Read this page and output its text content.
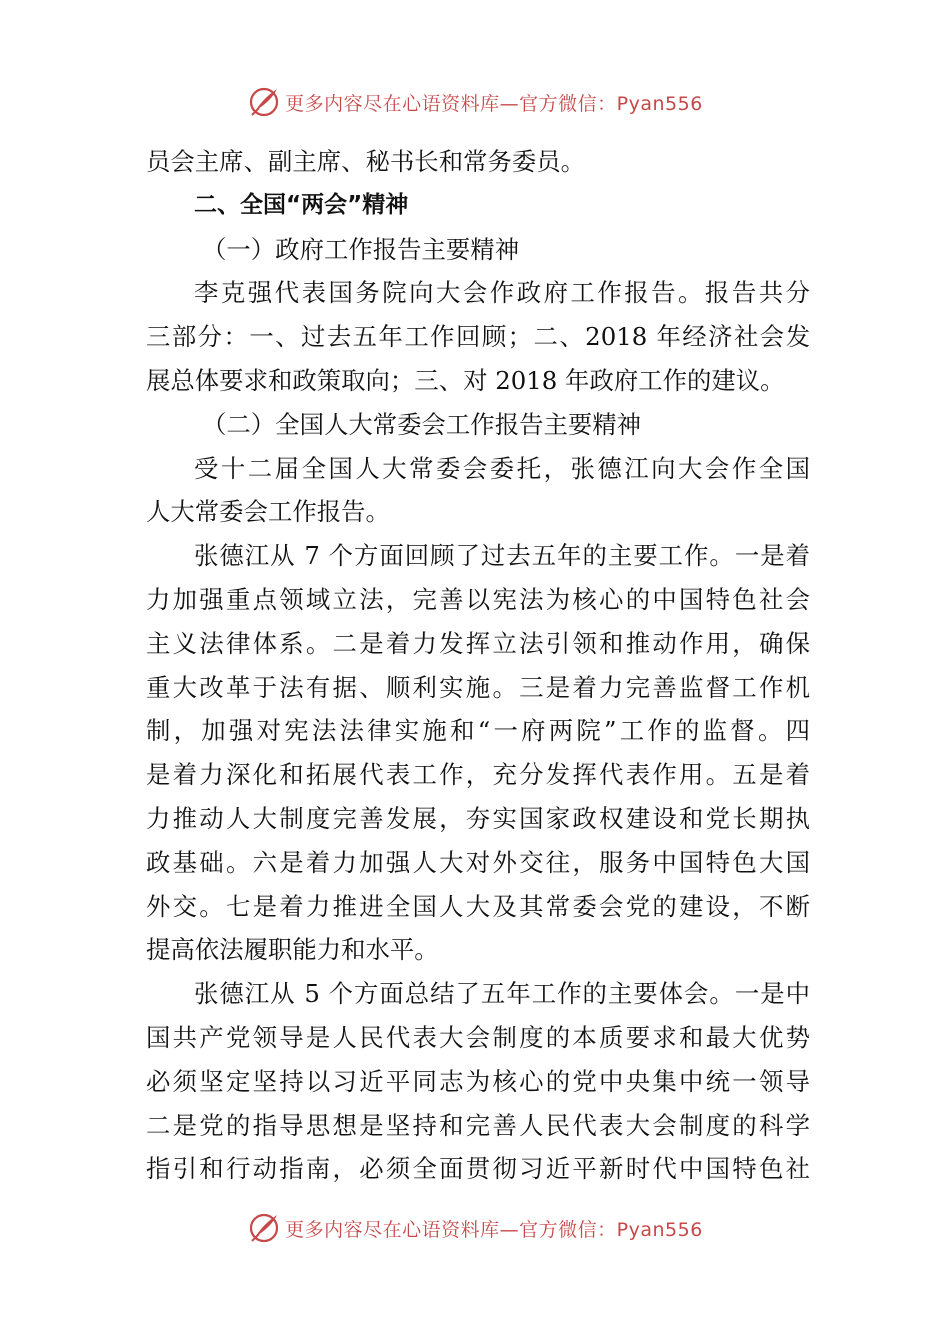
更多内容尽在心语资料库—官方微信：Pyan556
员会主席、副主席、秘书长和常务委员。
二、全国“两会”精神
（一）政府工作报告主要精神
李克强代表国务院向大会作政府工作报告。报告共分
三部分：一、过去五年工作回顾；二、2018 年经济社会发
展总体要求和政策取向；三、对 2018 年政府工作的建议。
（二）全国人大常委会工作报告主要精神
受十二届全国人大常委会委托，张德江向大会作全国
人大常委会工作报告。
张德江从 7 个方面回顾了过去五年的主要工作。一是着
力加强重点领域立法，完善以宪法为核心的中国特色社会
主义法律体系。二是着力发挥立法引领和推动作用，确保
重大改革于法有据、顺利实施。三是着力完善监督工作机
制，加强对宪法法律实施和“一府两院”工作的监督。四
是着力深化和拓展代表工作，充分发挥代表作用。五是着
力推动人大制度完善发展，夯实国家政权建设和党长期执
政基础。六是着力加强人大对外交往，服务中国特色大国
外交。七是着力推进全国人大及其常委会党的建设，不断
提高依法履职能力和水平。
张德江从 5 个方面总结了五年工作的主要体会。一是中
国共产党领导是人民代表大会制度的本质要求和最大优势
必须坚定坚持以习近平同志为核心的党中央集中统一领导
二是党的指导思想是坚持和完善人民代表大会制度的科学
指引和行动指南，必须全面贯彻习近平新时代中国特色社
更多内容尽在心语资料库—官方微信：Pyan556
